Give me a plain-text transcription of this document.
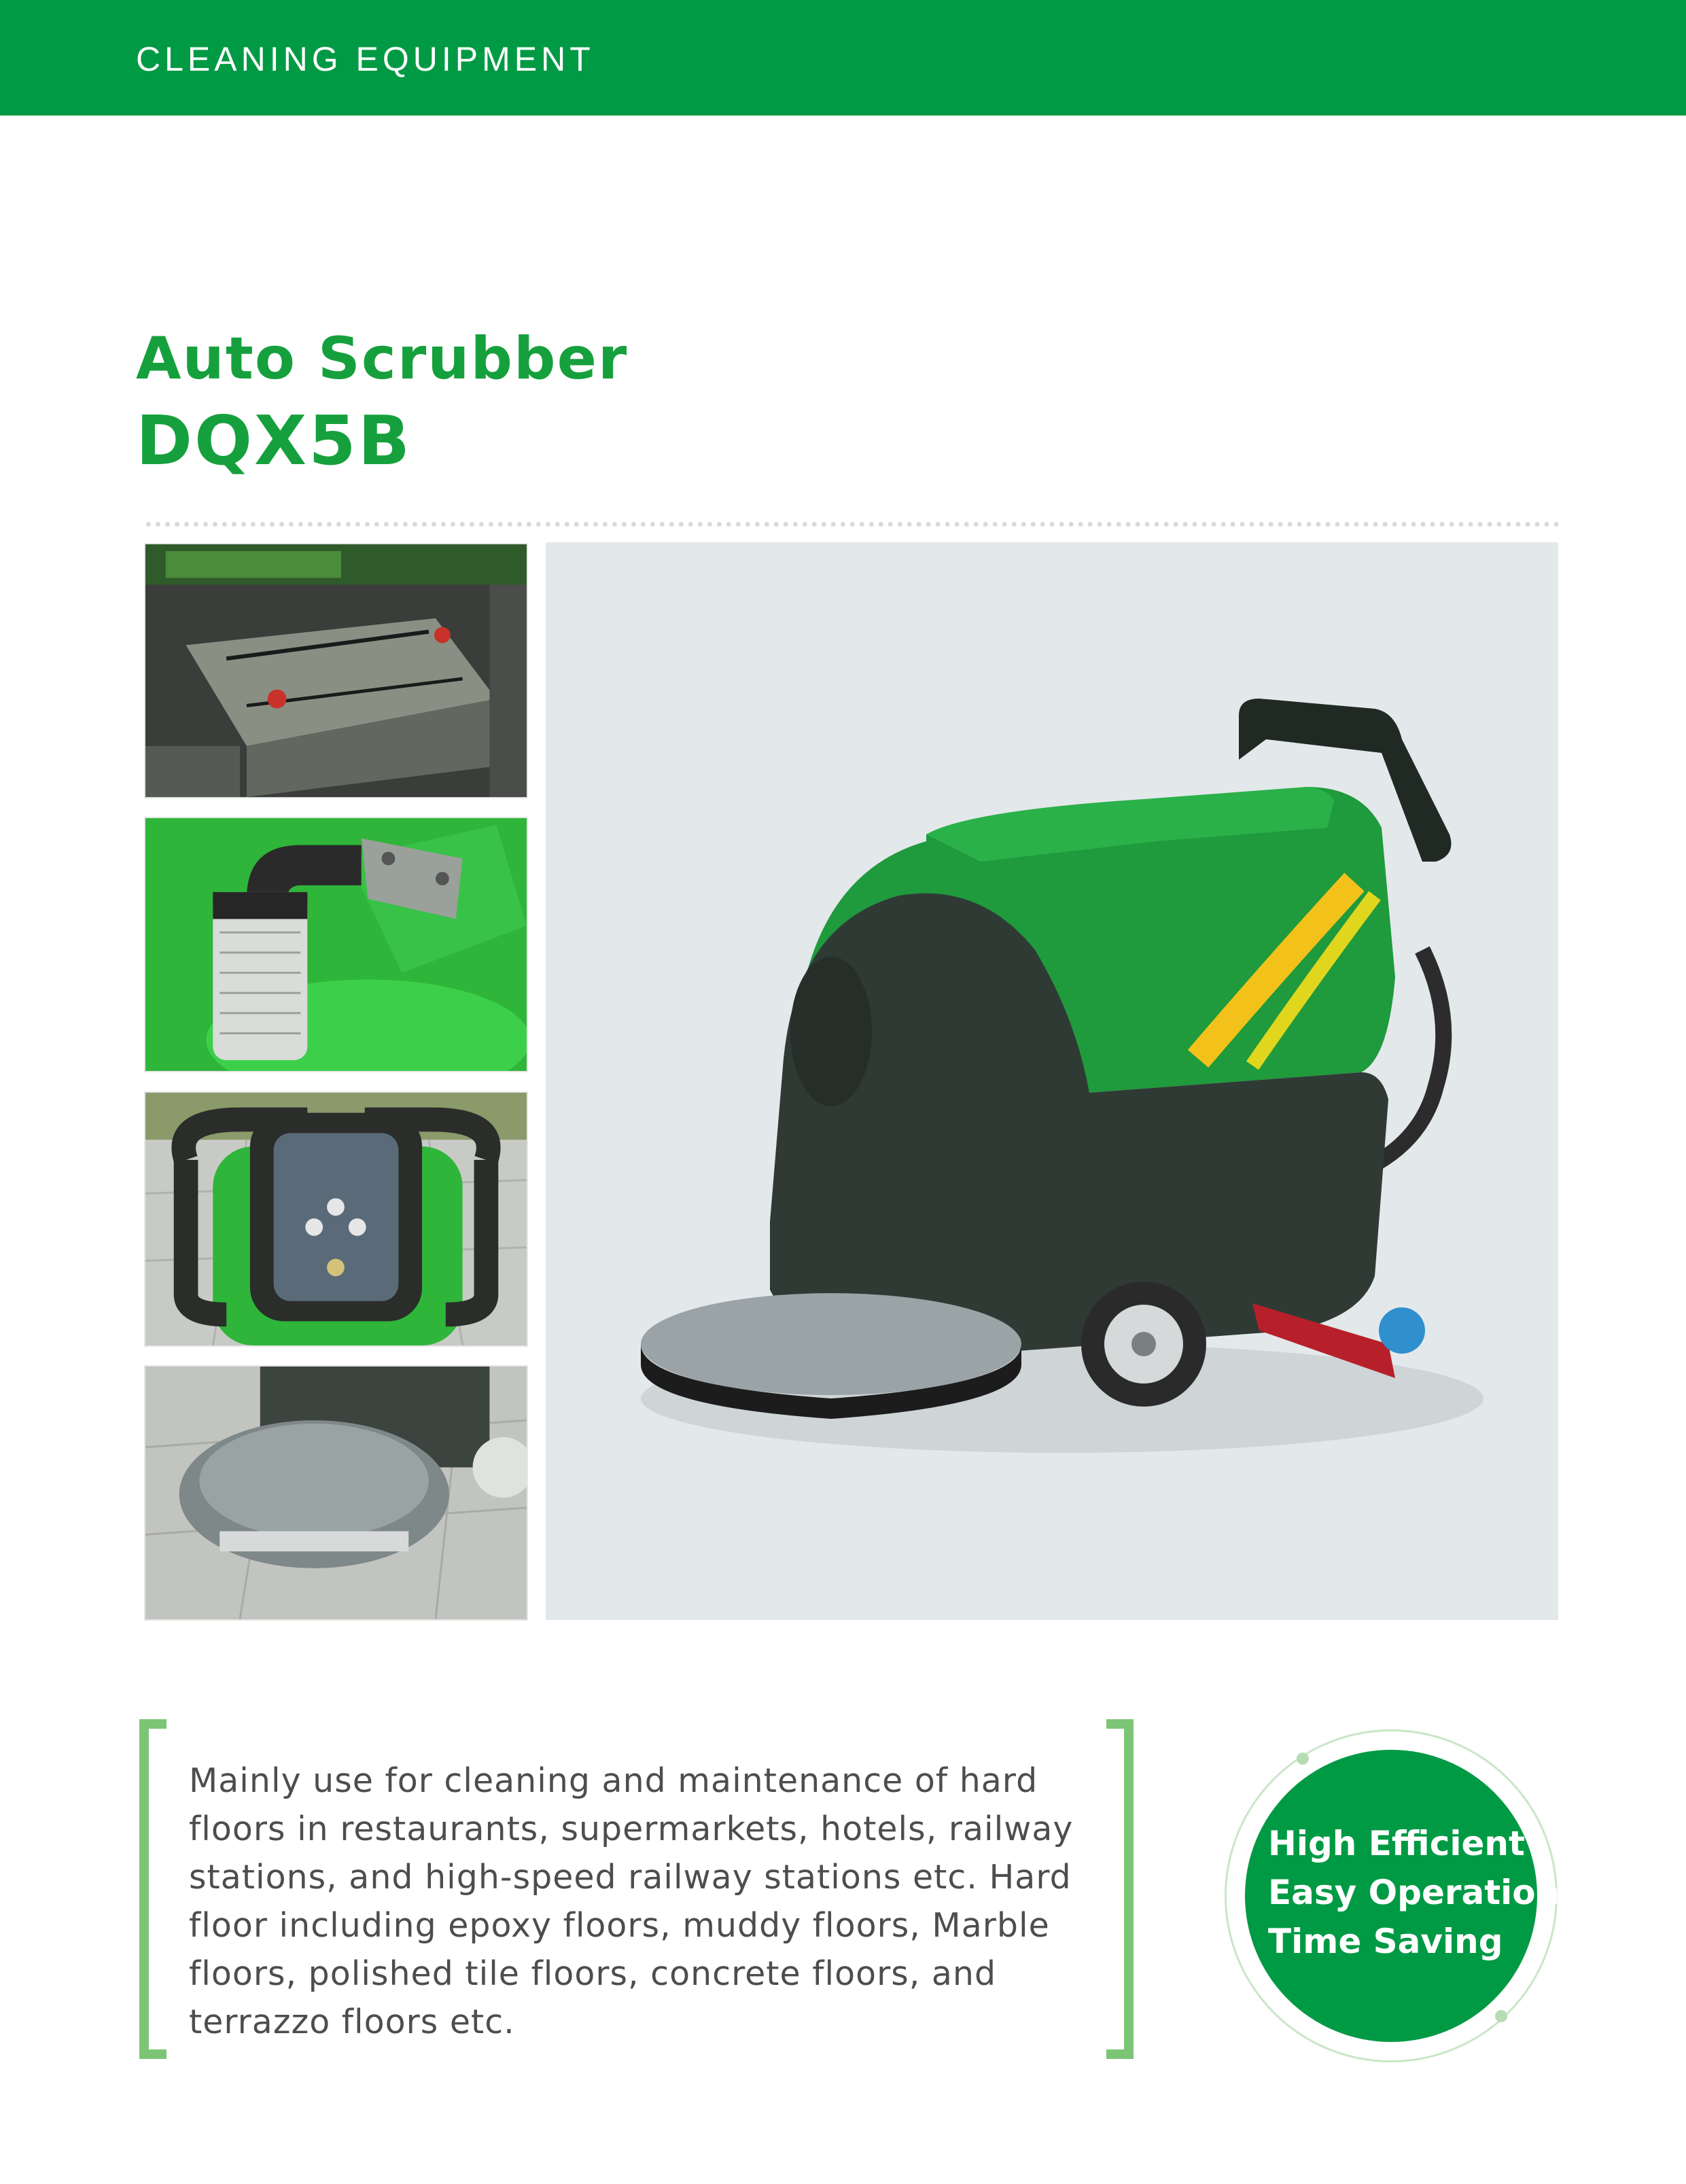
CLEANING EQUIPMENT
Auto Scrubber
DQX5B
Mainly use for cleaning and maintenance of hard floors in restaurants, supermarkets, hotels, railway stations, and high-speed railway stations etc. Hard floor including epoxy floors, muddy floors, Marble floors, polished tile floors, concrete floors, and terrazzo floors etc.
High Efficient
Easy Operation
Time Saving
